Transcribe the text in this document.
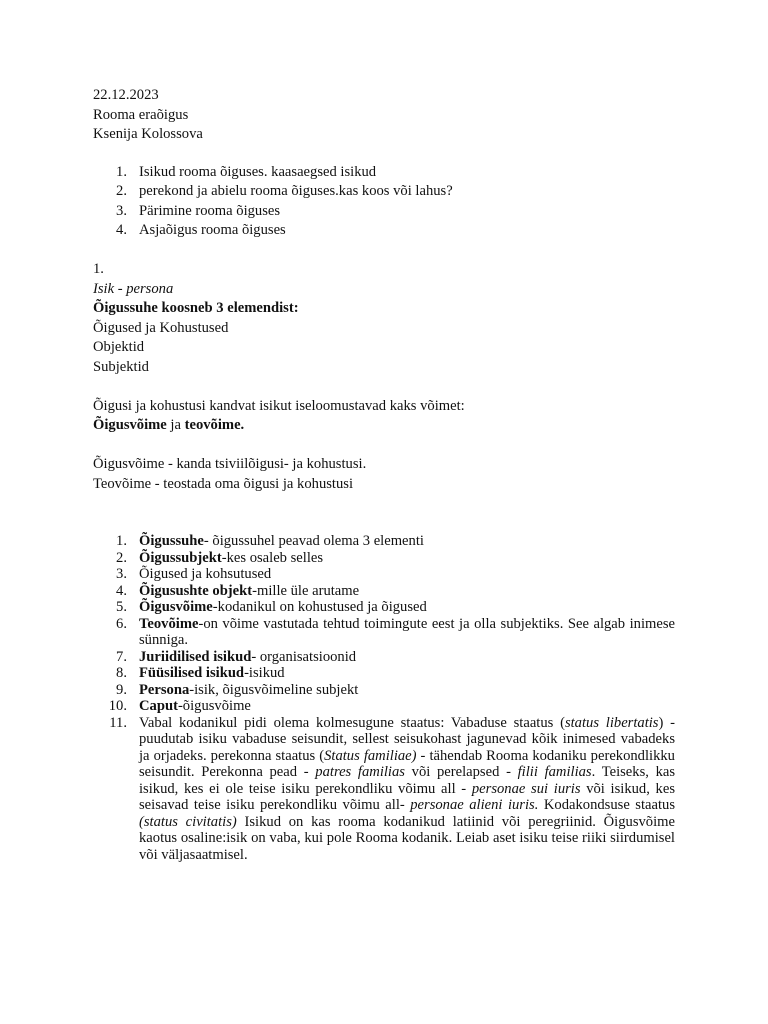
22.12.2023

Rooma eraõigus

Ksenija Kolossova

1. Isikud rooma õiguses. kaasaegsed isikud
2. perekond ja abielu rooma õiguses.kas koos või lahus?
3. Pärimine rooma õiguses
4. Asjaõigus rooma õiguses

1.

Isik - persona

Õigussuhe koosneb 3 elemendist:

Õigused ja Kohustused

Objektid

Subjektid

Õigusi ja kohustusi kandvat isikut iseloomustavad kaks võimet:

Õigusvõime ja teovõime.

Õigusvõime - kanda tsiviilõigusi- ja kohustusi.

Teovõime - teostada oma õigusi ja kohustusi

1. Õigussuhe- õigussuhel peavad olema 3 elementi
2. Õigussubjekt-kes osaleb selles
3. Õigused ja kohsutused
4. Õigusushte objekt-mille üle arutame
5. Õigusvõime-kodanikul on kohustused ja õigused
6. Teovõime-on võime vastutada tehtud toimingute eest ja olla subjektiks. See algab inimese sünniga.
7. Juriidilised isikud- organisatsioonid
8. Füüsilised isikud-isikud
9. Persona-isik, õigusvõimeline subjekt
10. Caput-õigusvõime
11. Vabal kodanikul pidi olema kolmesugune staatus: Vabaduse staatus (status libertatis) - puudutab isiku vabaduse seisundit, sellest seisukohast jagunevad kõik inimesed vabadeks ja orjadeks. perekonna staatus (Status familiae) - tähendab Rooma kodaniku perekondlikku seisundit. Perekonna pead - patres familias või perelapsed - filii familias. Teiseks, kas isikud, kes ei ole teise isiku perekondliku võimu all - personae sui iuris või isikud, kes seisavad teise isiku perekondliku võimu all- personae alieni iuris. Kodakondsuse staatus (status civitatis) Isikud on kas rooma kodanikud latiinid või peregriinid. Õigusvõime kaotus osaline:isik on vaba, kui pole Rooma kodanik. Leiab aset isiku teise riiki siirdumisel või väljasaatmisel.
